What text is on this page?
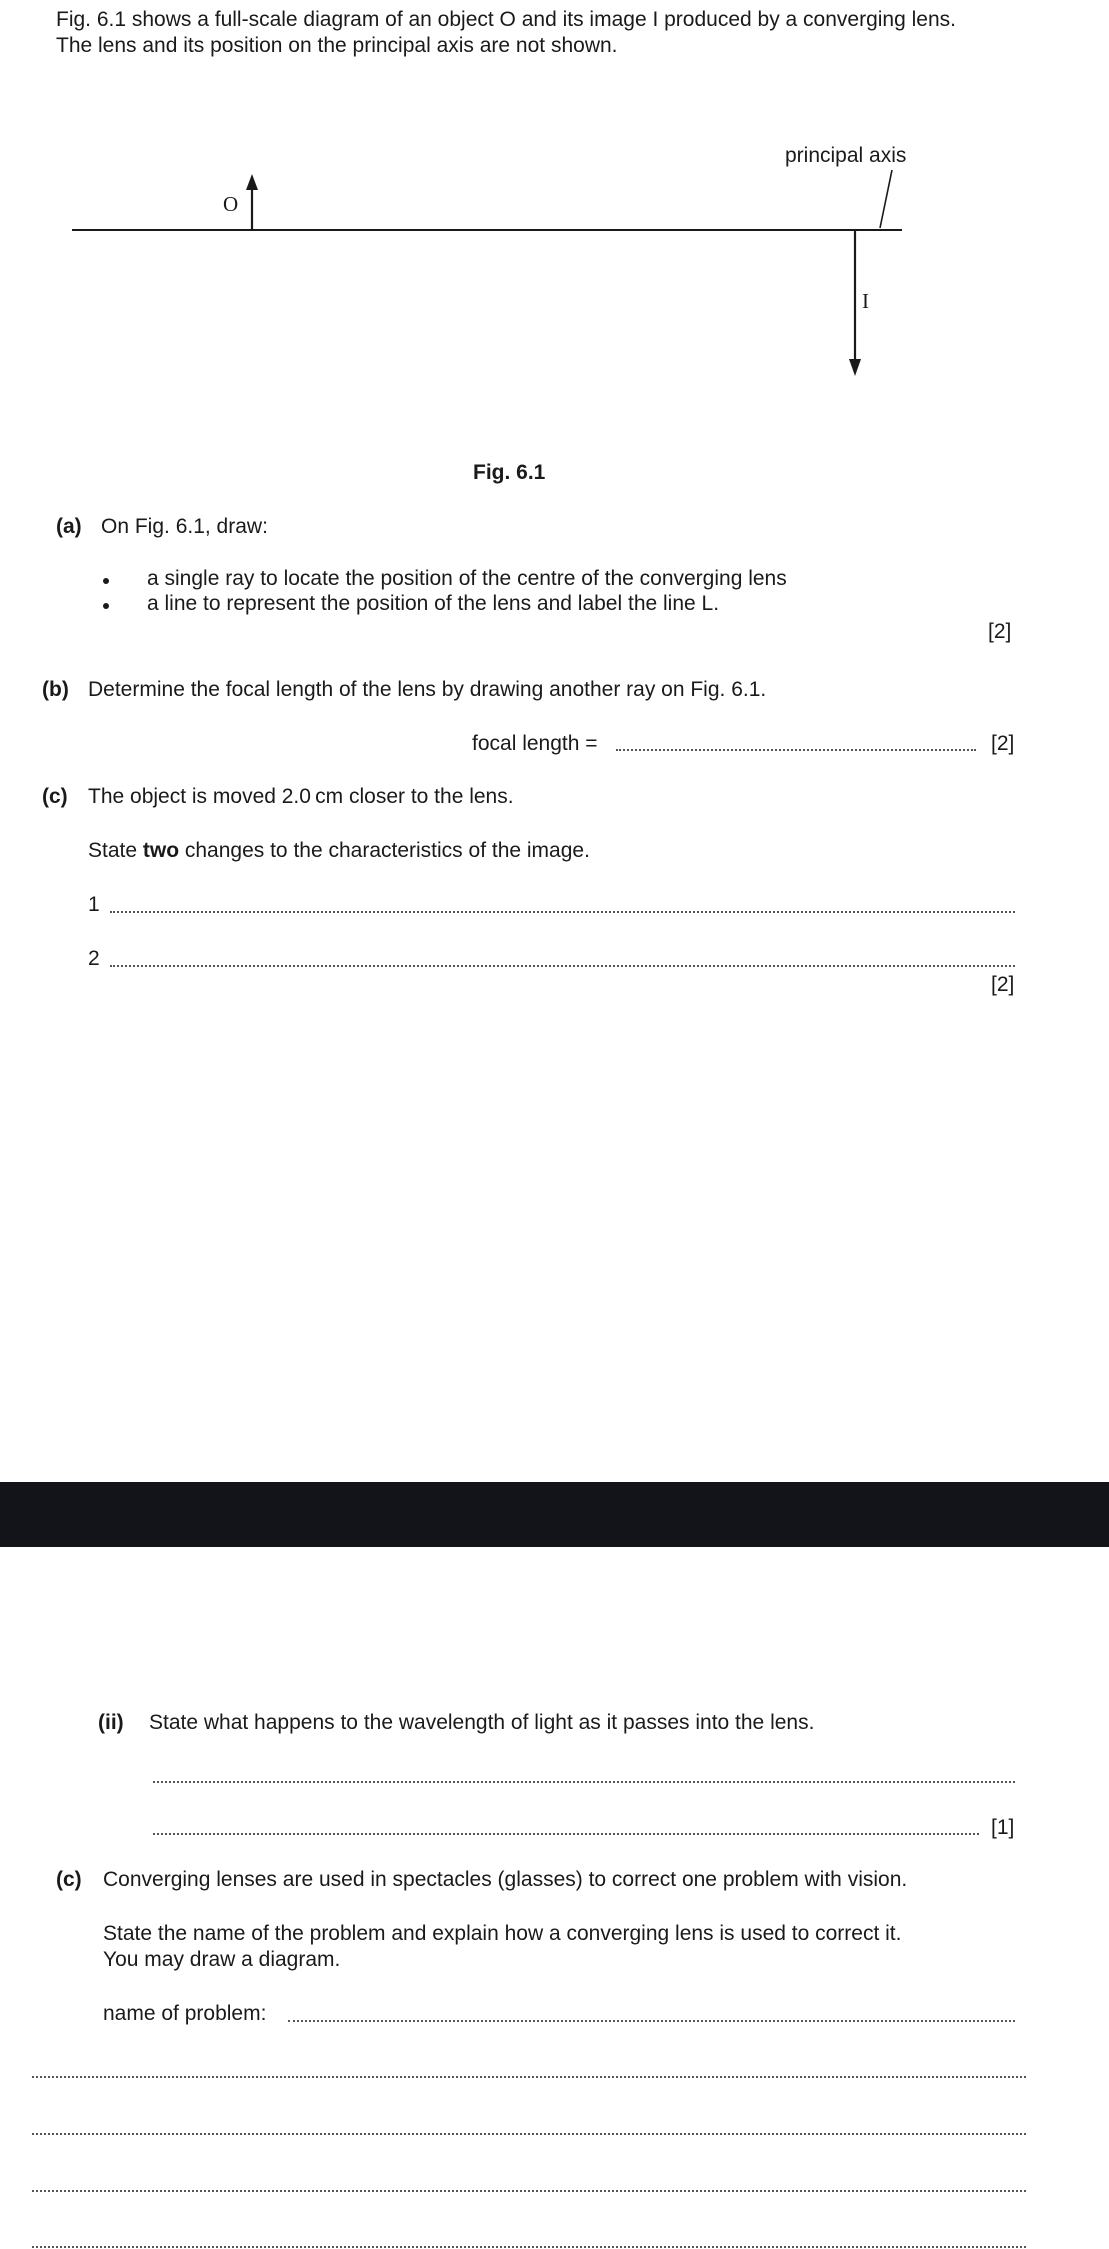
Fig. 6.1 shows a full-scale diagram of an object O and its image I produced by a converging lens.
The lens and its position on the principal axis are not shown.
principal axis
O
I
Fig. 6.1
(a) On Fig. 6.1, draw:
a single ray to locate the position of the centre of the converging lens
a line to represent the position of the lens and label the line L.
[2]
(b) Determine the focal length of the lens by drawing another ray on Fig. 6.1.
focal length =	[2]
(c) The object is moved 2.0 cm closer to the lens.
State two changes to the characteristics of the image.
1
2
[2]
(ii) State what happens to the wavelength of light as it passes into the lens.
[1]
(c) Converging lenses are used in spectacles (glasses) to correct one problem with vision.
State the name of the problem and explain how a converging lens is used to correct it.
You may draw a diagram.
name of problem:
